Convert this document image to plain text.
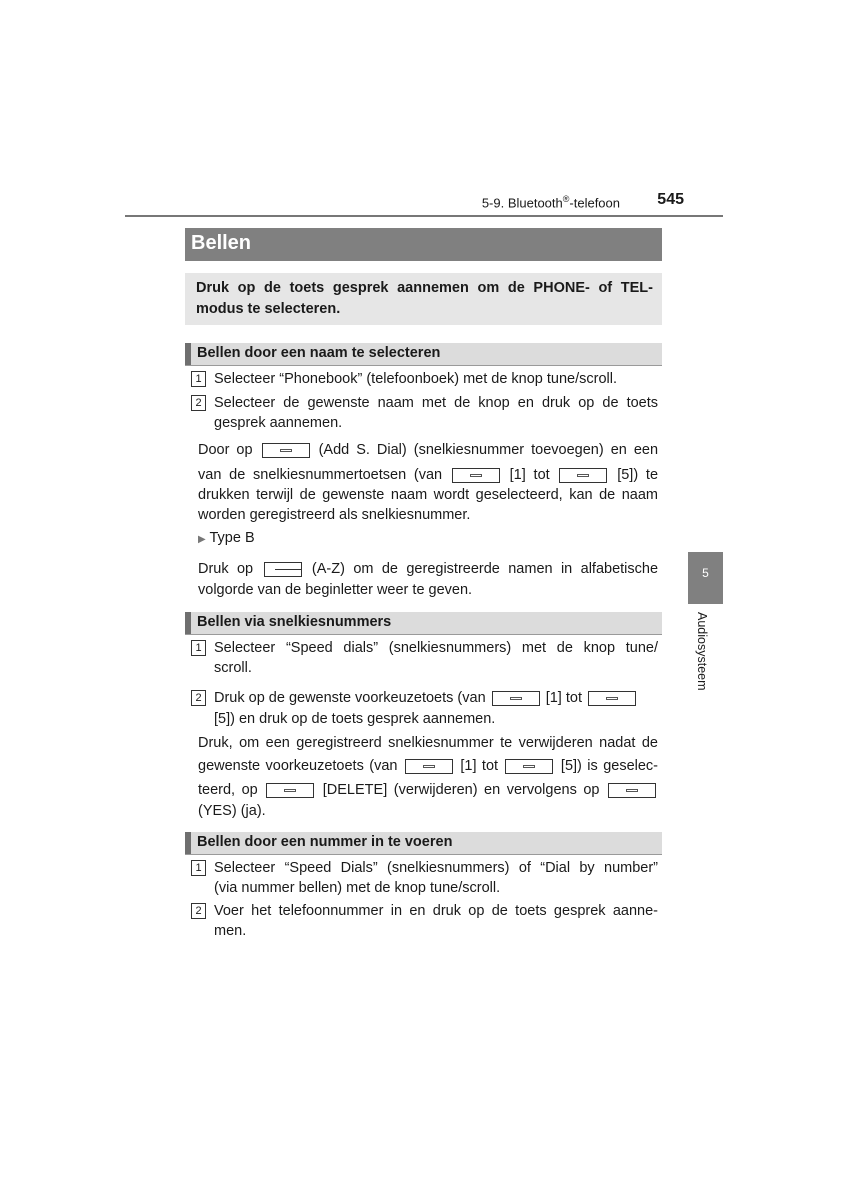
5-9. Bluetooth®-telefoon	545
Bellen
Druk op de toets gesprek aannemen om de PHONE- of TEL-modus te selecteren.
Bellen door een naam te selecteren
1 Selecteer “Phonebook” (telefoonboek) met de knop tune/scroll.
2 Selecteer de gewenste naam met de knop en druk op de toets
gesprek aannemen.
Door op	(Add S. Dial) (snelkiesnummer toevoegen) en een
van de snelkiesnummertoetsen (van	[1] tot	[5]) te
drukken terwijl de gewenste naam wordt geselecteerd, kan de naam
worden geregistreerd als snelkiesnummer.
▶ Type B
Druk op	(A-Z) om de geregistreerde namen in alfabetische
volgorde van de beginletter weer te geven.
Bellen via snelkiesnummers
1 Selecteer “Speed dials” (snelkiesnummers) met de knop tune/
scroll.
2 Druk op de gewenste voorkeuzetoets (van	[1] tot
[5]) en druk op de toets gesprek aannemen.
Druk, om een geregistreerd snelkiesnummer te verwijderen nadat de
gewenste voorkeuzetoets (van	[1] tot	[5]) is geselec-
teerd, op	[DELETE] (verwijderen) en vervolgens op
(YES) (ja).
Bellen door een nummer in te voeren
1 Selecteer “Speed Dials” (snelkiesnummers) of “Dial by number”
(via nummer bellen) met de knop tune/scroll.
2 Voer het telefoonnummer in en druk op de toets gesprek aanne-
men.
5
Audiosysteem
